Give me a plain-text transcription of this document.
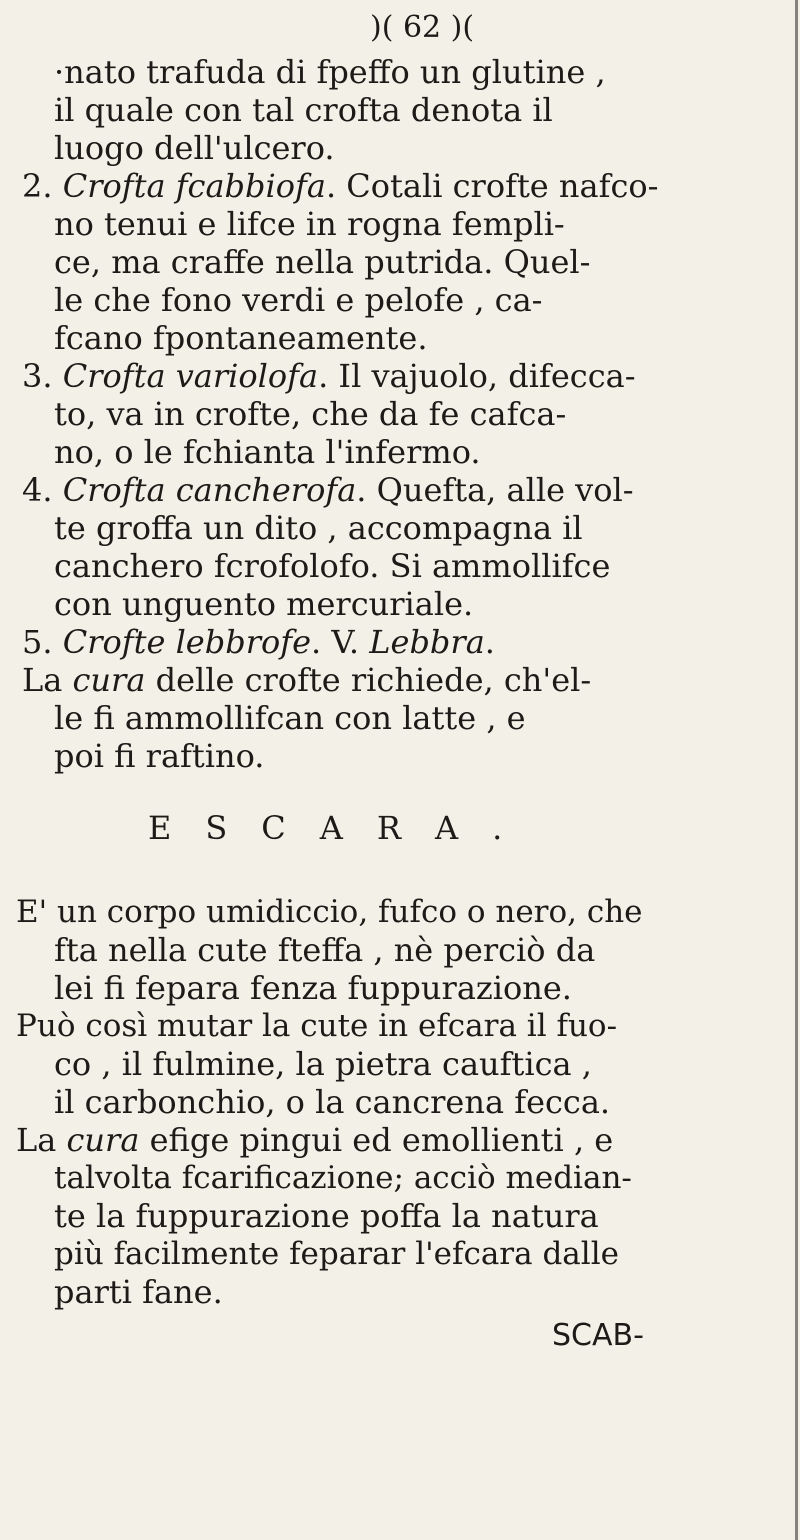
)( 62 )(
·nato trafuda di fpeffo un glutine ,
il quale con tal crofta denota il
luogo dell'ulcero.
2. Crofta fcabbiofa. Cotali crofte nafco-
no tenui e lifce in rogna fempli-
ce, ma craffe nella putrida. Quel-
le che fono verdi e pelofe , ca-
fcano fpontaneamente.
3. Crofta variolofa. Il vajuolo, difecca-
to, va in crofte, che da fe cafca-
no, o le fchianta l'infermo.
4. Crofta cancherofa. Quefta, alle vol-
te groffa un dito , accompagna il
canchero fcrofolofo. Si ammollifce
con unguento mercuriale.
5. Crofte lebbrofe. V. Lebbra.
La cura delle crofte richiede, ch'el-
le fi ammollifcan con latte , e
poi fi raftino.
ESCARA.
E' un corpo umidiccio, fufco o nero, che
fta nella cute fteffa , nè perciò da
lei fi fepara fenza fuppurazione.
Può così mutar la cute in efcara il fuo-
co , il fulmine, la pietra cauftica ,
il carbonchio, o la cancrena fecca.
La cura efige pingui ed emollienti , e
talvolta fcarificazione; acciò median-
te la fuppurazione poffa la natura
più facilmente feparar l'efcara dalle
parti fane.
SCAB-
